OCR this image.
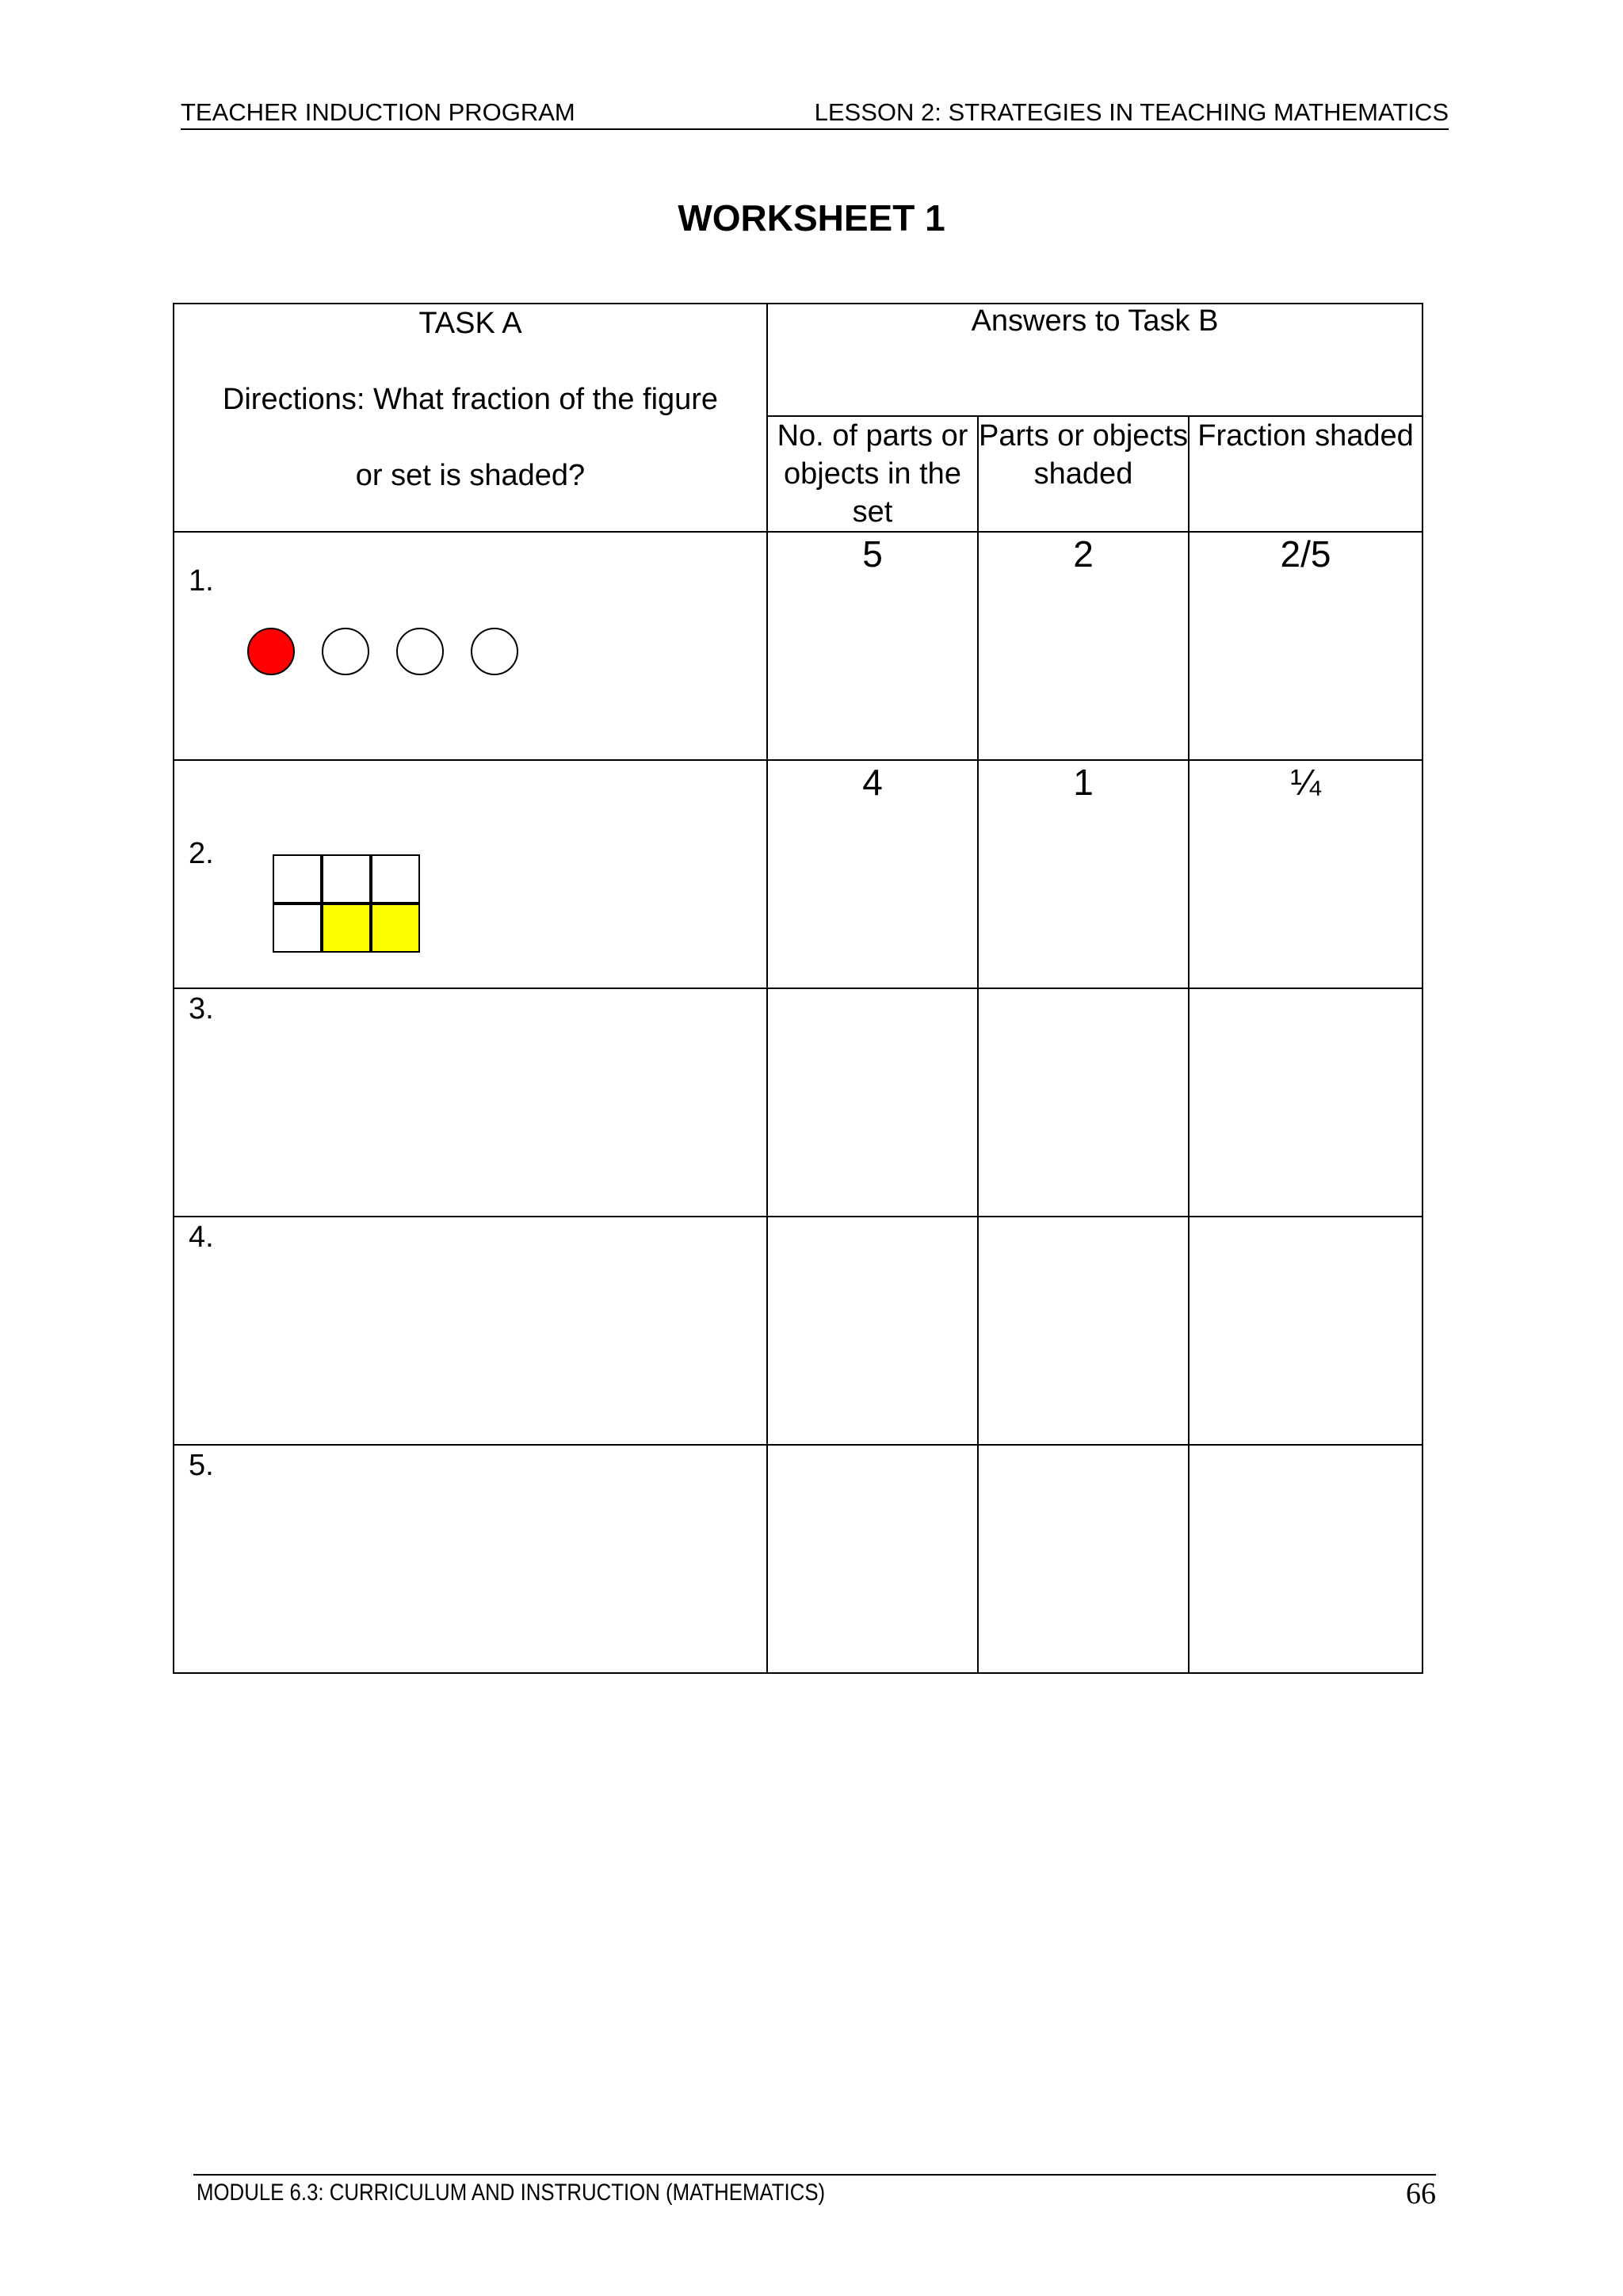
TEACHER INDUCTION PROGRAM	LESSON 2: STRATEGIES IN TEACHING MATHEMATICS
WORKSHEET 1
TASK A
Directions: What fraction of the figure
or set is shaded?	Answers to Task B		
	No. of parts or objects in the set	Parts or objects shaded	Fraction shaded

1.	5	2	2/5

2.	4	1	¼

3.			

4.			

5.			

MODULE 6.3: CURRICULUM AND INSTRUCTION (MATHEMATICS)	66
